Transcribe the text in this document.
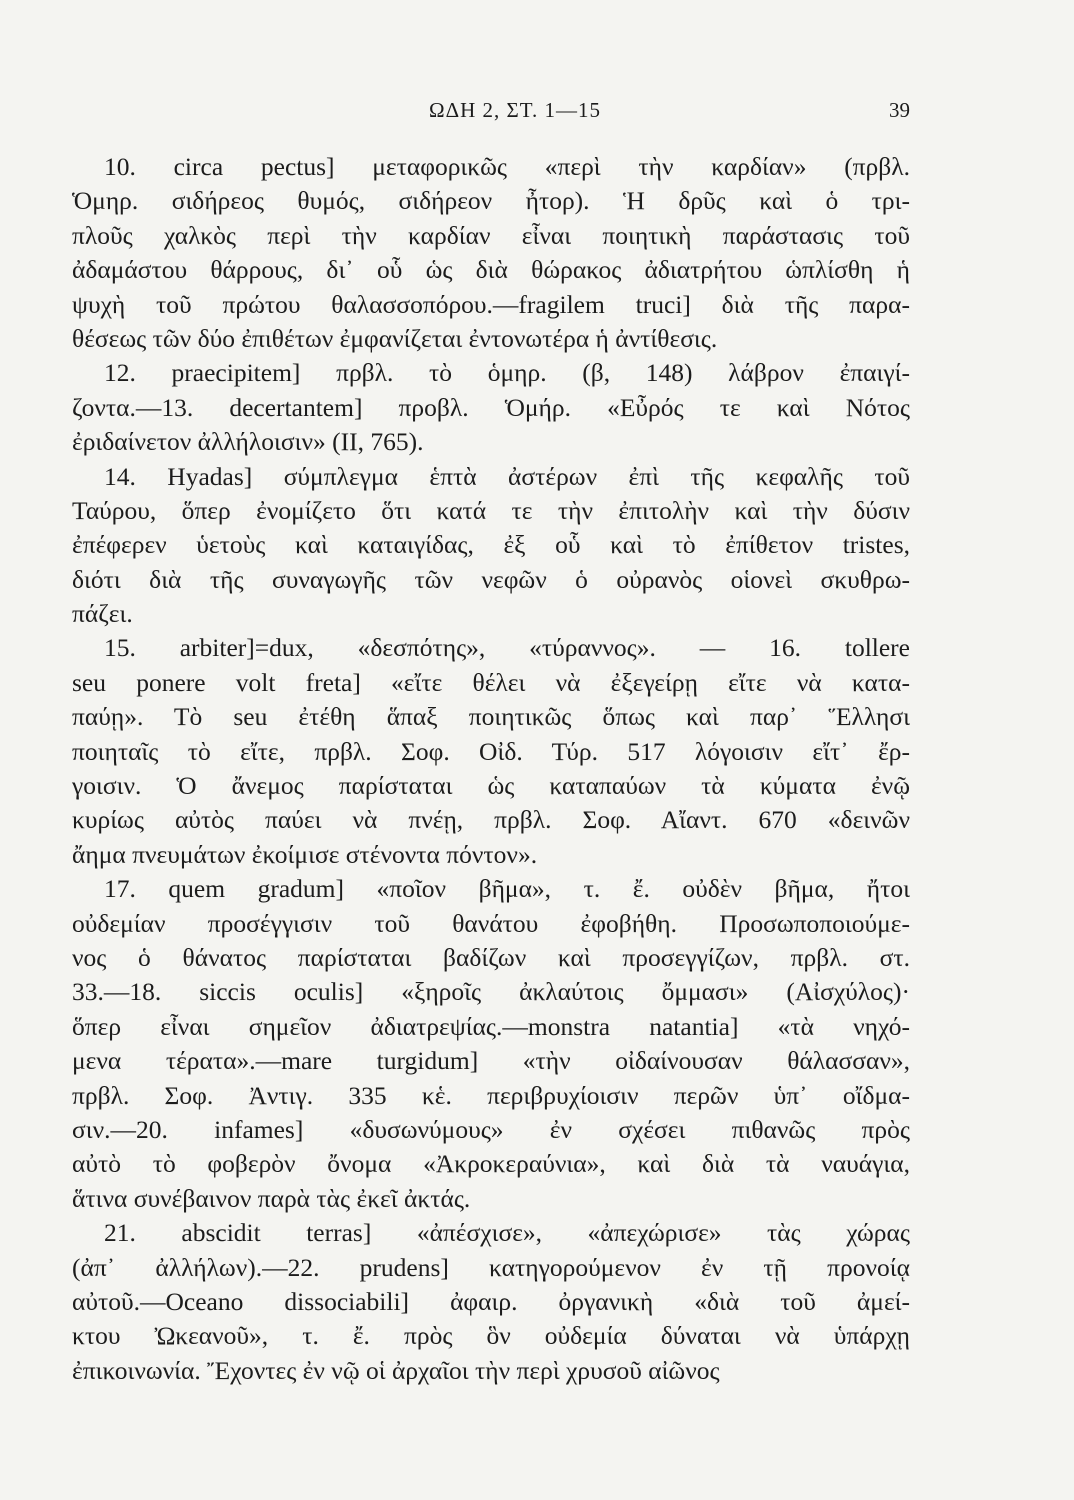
ΩΔΗ 2, ΣΤ. 1—15	39
10. circa pectus] μεταφορικῶς «περὶ τὴν καρδίαν» (πρβλ.
Ὁμηρ. σιδήρεος θυμός, σιδήρεον ἦτορ). Ἡ δρῦς καὶ ὁ τρι-
πλοῦς χαλκὸς περὶ τὴν καρδίαν εἶναι ποιητικὴ παράστασις τοῦ
ἀδαμάστου θάρρους, δι᾿ οὗ ὡς διὰ θώρακος ἀδιατρήτου ὡπλίσθη ἡ
ψυχὴ τοῦ πρώτου θαλασσοπόρου.—fragilem truci] διὰ τῆς παρα-
θέσεως τῶν δύο ἐπιθέτων ἐμφανίζεται ἐντονωτέρα ἡ ἀντίθεσις.
12. praecipitem] πρβλ. τὸ ὁμηρ. (β, 148) λάβρον ἐπαιγί-
ζοντα.—13. decertantem] προβλ. Ὁμήρ. «Εὖρός τε καὶ Νότος
ἐριδαίνετον ἀλλήλοισιν» (ΙΙ, 765).
14. Hyadas] σύμπλεγμα ἑπτὰ ἀστέρων ἐπὶ τῆς κεφαλῆς τοῦ
Ταύρου, ὅπερ ἐνομίζετο ὅτι κατά τε τὴν ἐπιτολὴν καὶ τὴν δύσιν
ἐπέφερεν ὑετοὺς καὶ καταιγίδας, ἐξ οὗ καὶ τὸ ἐπίθετον tristes,
διότι διὰ τῆς συναγωγῆς τῶν νεφῶν ὁ οὐρανὸς οἱονεὶ σκυθρω-
πάζει.
15. arbiter]=dux, «δεσπότης», «τύραννος». — 16. tollere
seu ponere volt freta] «εἴτε θέλει νὰ ἐξεγείρῃ εἴτε νὰ κατα-
παύῃ». Τὸ seu ἐτέθη ἅπαξ ποιητικῶς ὅπως καὶ παρ᾿ Ἕλλησι
ποιηταῖς τὸ εἴτε, πρβλ. Σοφ. Οἰδ. Τύρ. 517 λόγοισιν εἴτ᾿ ἔρ-
γοισιν. Ὁ ἄνεμος παρίσταται ὡς καταπαύων τὰ κύματα ἐνῷ
κυρίως αὐτὸς παύει νὰ πνέῃ, πρβλ. Σοφ. Αἴαντ. 670 «δεινῶν
ἄημα πνευμάτων ἐκοίμισε στένοντα πόντον».
17. quem gradum] «ποῖον βῆμα», τ. ἔ. οὐδὲν βῆμα, ἤτοι
οὐδεμίαν προσέγγισιν τοῦ θανάτου ἐφοβήθη. Προσωποποιούμε-
νος ὁ θάνατος παρίσταται βαδίζων καὶ προσεγγίζων, πρβλ. στ.
33.—18. siccis oculis] «ξηροῖς ἀκλαύτοις ὄμμασι» (Αἰσχύλος)·
ὅπερ εἶναι σημεῖον ἀδιατρεψίας.—monstra natantia] «τὰ νηχό-
μενα τέρατα».—mare turgidum] «τὴν οἰδαίνουσαν θάλασσαν»,
πρβλ. Σοφ. Ἀντιγ. 335 κἑ. περιβρυχίοισιν περῶν ὑπ᾿ οἴδμα-
σιν.—20. infames] «δυσωνύμους» ἐν σχέσει πιθανῶς πρὸς
αὐτὸ τὸ φοβερὸν ὄνομα «Ἀκροκεραύνια», καὶ διὰ τὰ ναυάγια,
ἅτινα συνέβαινον παρὰ τὰς ἐκεῖ ἀκτάς.
21. abscidit terras] «ἀπέσχισε», «ἀπεχώρισε» τὰς χώρας
(ἀπ᾿ ἀλλήλων).—22. prudens] κατηγορούμενον ἐν τῇ προνοίᾳ
αὐτοῦ.—Oceano dissociabili] ἀφαιρ. ὀργανικὴ «διὰ τοῦ ἀμεί-
κτου Ὠκεανοῦ», τ. ἔ. πρὸς ὃν οὐδεμία δύναται νὰ ὑπάρχῃ
ἐπικοινωνία. Ἔχοντες ἐν νῷ οἱ ἀρχαῖοι τὴν περὶ χρυσοῦ αἰῶνος
